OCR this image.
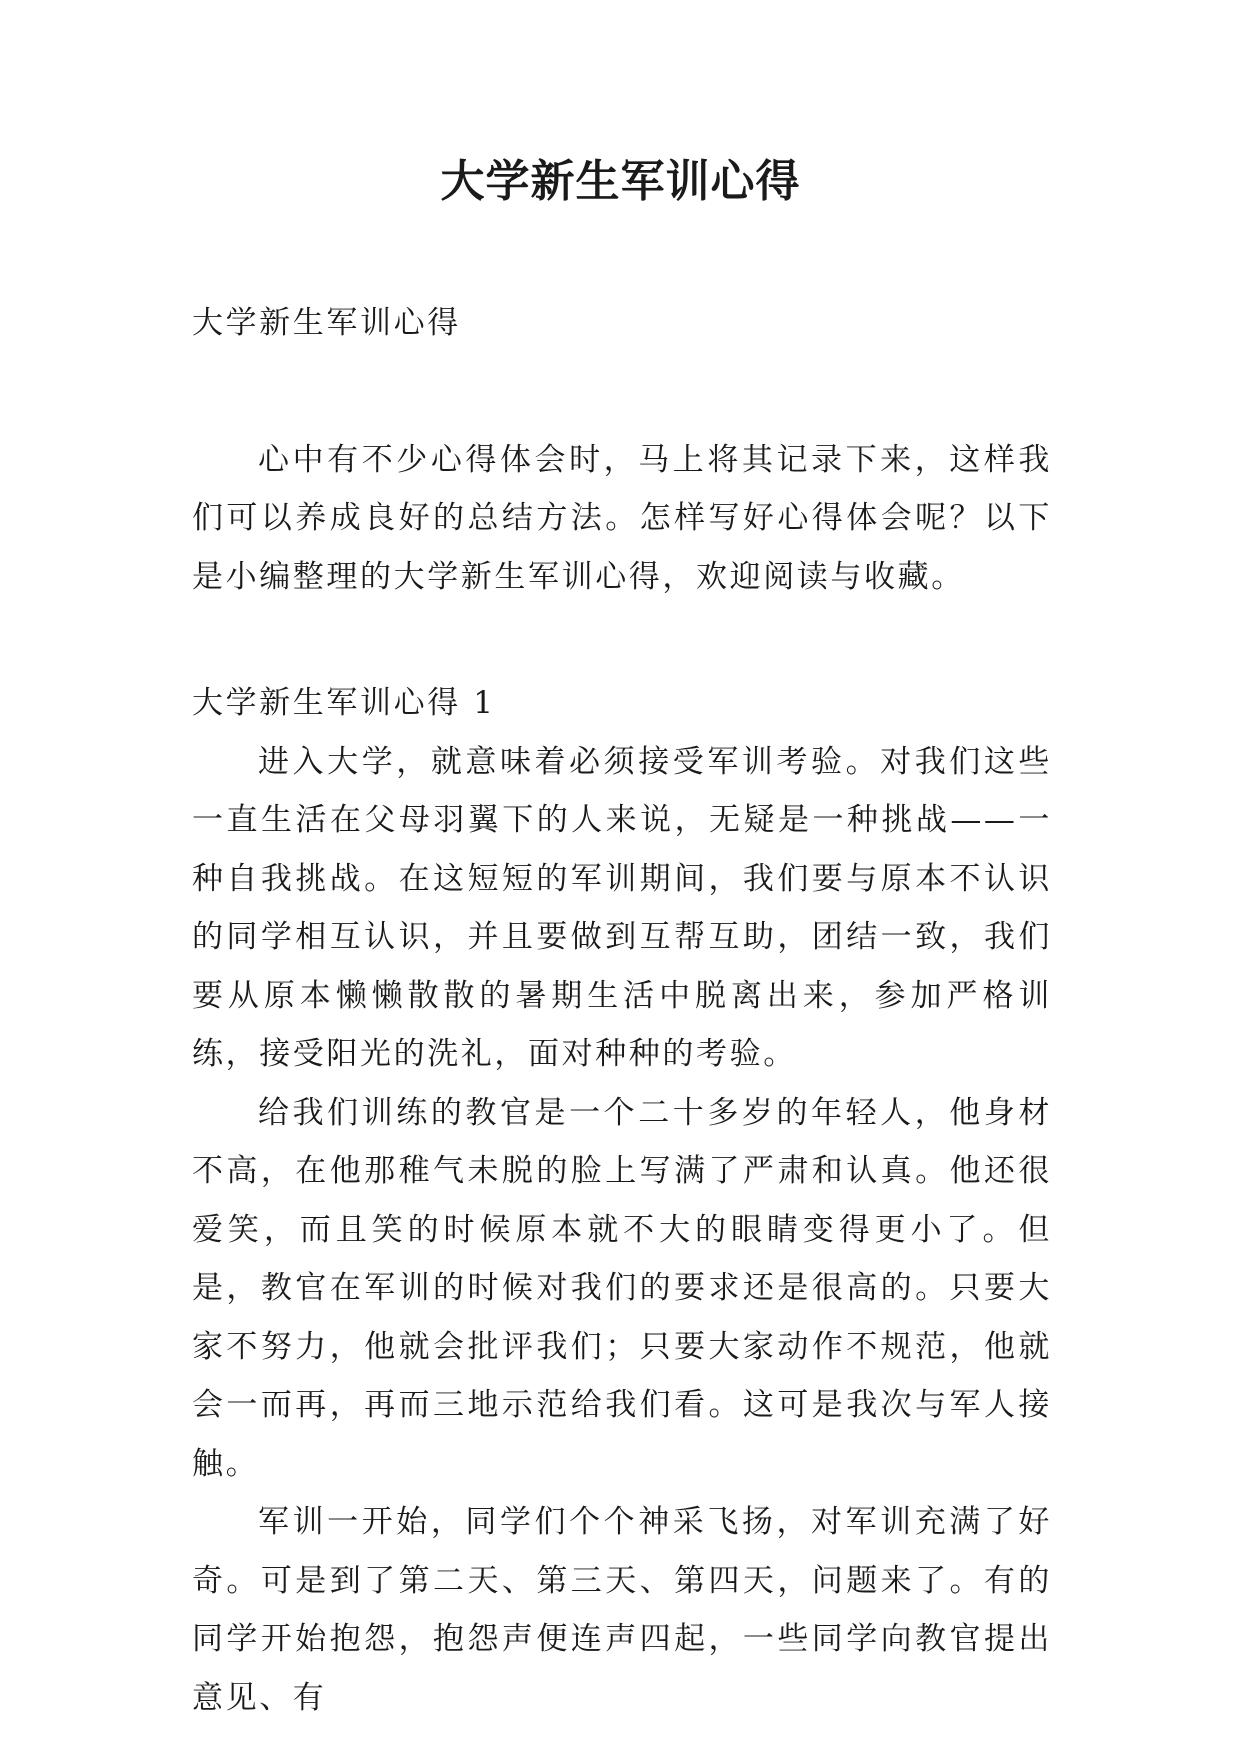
大学新生军训心得

大学新生军训心得

心中有不少心得体会时，马上将其记录下来，这样我们可以养成良好的总结方法。怎样写好心得体会呢？以下是小编整理的大学新生军训心得，欢迎阅读与收藏。

大学新生军训心得 1

进入大学，就意味着必须接受军训考验。对我们这些一直生活在父母羽翼下的人来说，无疑是一种挑战——一种自我挑战。在这短短的军训期间，我们要与原本不认识的同学相互认识，并且要做到互帮互助，团结一致，我们要从原本懒懒散散的暑期生活中脱离出来，参加严格训练，接受阳光的洗礼，面对种种的考验。

给我们训练的教官是一个二十多岁的年轻人，他身材不高，在他那稚气未脱的脸上写满了严肃和认真。他还很爱笑，而且笑的时候原本就不大的眼睛变得更小了。但是，教官在军训的时候对我们的要求还是很高的。只要大家不努力，他就会批评我们；只要大家动作不规范，他就会一而再，再而三地示范给我们看。这可是我次与军人接触。

军训一开始，同学们个个神采飞扬，对军训充满了好奇。可是到了第二天、第三天、第四天，问题来了。有的同学开始抱怨，抱怨声便连声四起，一些同学向教官提出意见、有
